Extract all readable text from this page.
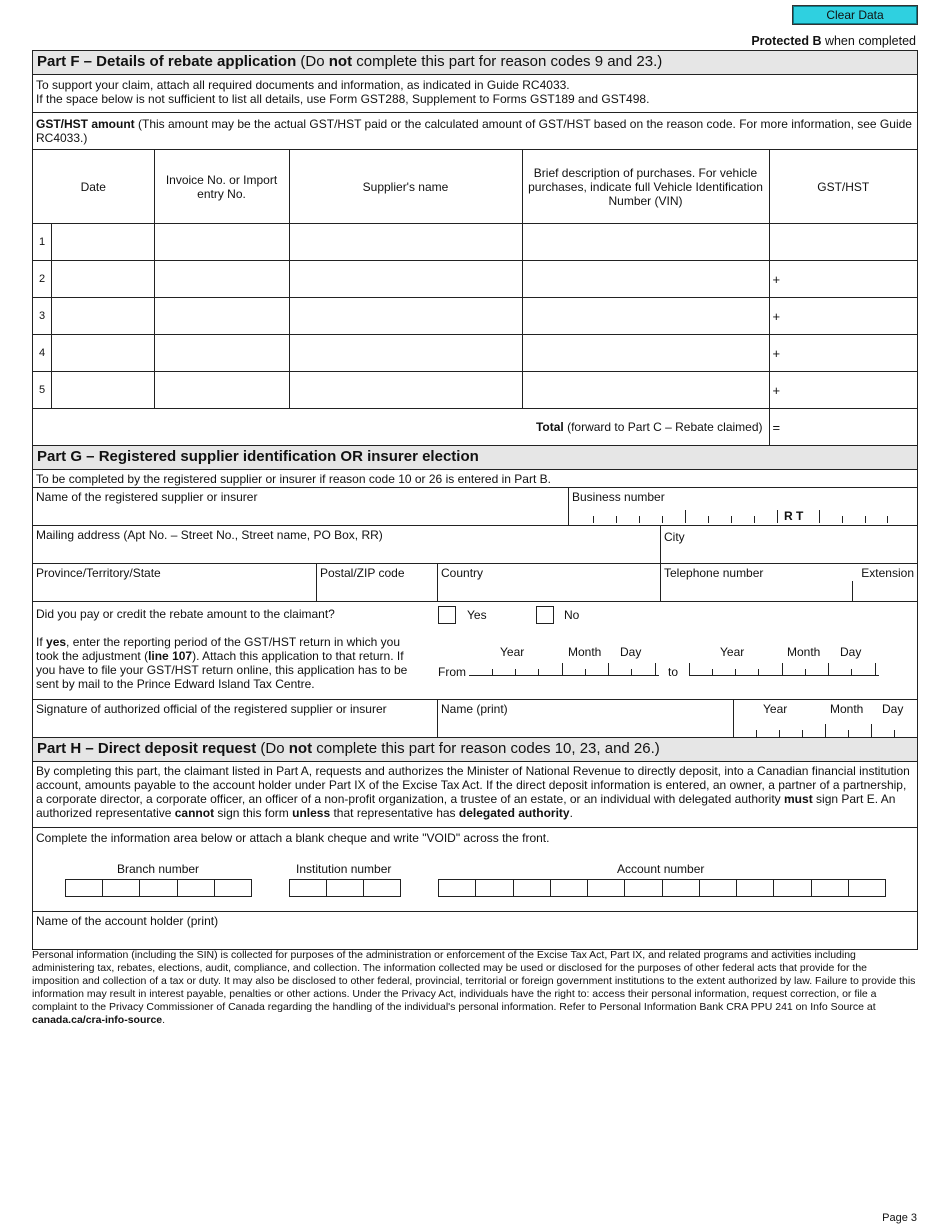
Clear Data
Protected B when completed
Part F – Details of rebate application (Do not complete this part for reason codes 9 and 23.)
To support your claim, attach all required documents and information, as indicated in Guide RC4033.
If the space below is not sufficient to list all details, use Form GST288, Supplement to Forms GST189 and GST498.
GST/HST amount (This amount may be the actual GST/HST paid or the calculated amount of GST/HST based on the reason code. For more information, see Guide RC4033.)
Date	Invoice No. or Import entry No.	Supplier's name	Brief description of purchases. For vehicle purchases, indicate full Vehicle Identification Number (VIN)	GST/HST

1				

2				+

3				+

4				+

5				+
Total (forward to Part C – Rebate claimed)				=
Part G – Registered supplier identification OR insurer election
To be completed by the registered supplier or insurer if reason code 10 or 26 is entered in Part B.
Name of the registered supplier or insurer	Business number
R T
Mailing address (Apt No. – Street No., Street name, PO Box, RR)	City
Province/Territory/State	Postal/ZIP code	Country	Telephone number	Extension
Did you pay or credit the rebate amount to the claimant?	Yes	No
If yes, enter the reporting period of the GST/HST return in which you took the adjustment (line 107). Attach this application to that return. If you have to file your GST/HST return online, this application has to be sent by mail to the Prince Edward Island Tax Centre.
Year	Month Day
From
Year	Month Day
to
Signature of authorized official of the registered supplier or insurer	Name (print)	Year	Month Day
Part H – Direct deposit request (Do not complete this part for reason codes 10, 23, and 26.)
By completing this part, the claimant listed in Part A, requests and authorizes the Minister of National Revenue to directly deposit, into a Canadian financial institution account, amounts payable to the account holder under Part IX of the Excise Tax Act. If the direct deposit information is entered, an owner, a partner of a partnership, a corporate director, a corporate officer, an officer of a non-profit organization, a trustee of an estate, or an individual with delegated authority must sign Part E. An authorized representative cannot sign this form unless that representative has delegated authority.
Complete the information area below or attach a blank cheque and write "VOID" across the front.
Branch number	Institution number	Account number
Name of the account holder (print)
Personal information (including the SIN) is collected for purposes of the administration or enforcement of the Excise Tax Act, Part IX, and related programs and activities including administering tax, rebates, elections, audit, compliance, and collection. The information collected may be used or disclosed for the purposes of other federal acts that provide for the imposition and collection of a tax or duty. It may also be disclosed to other federal, provincial, territorial or foreign government institutions to the extent authorized by law. Failure to provide this information may result in interest payable, penalties or other actions. Under the Privacy Act, individuals have the right to: access their personal information, request correction, or file a complaint to the Privacy Commissioner of Canada regarding the handling of the individual's personal information. Refer to Personal Information Bank CRA PPU 241 on Info Source at canada.ca/cra-info-source.
Page 3
